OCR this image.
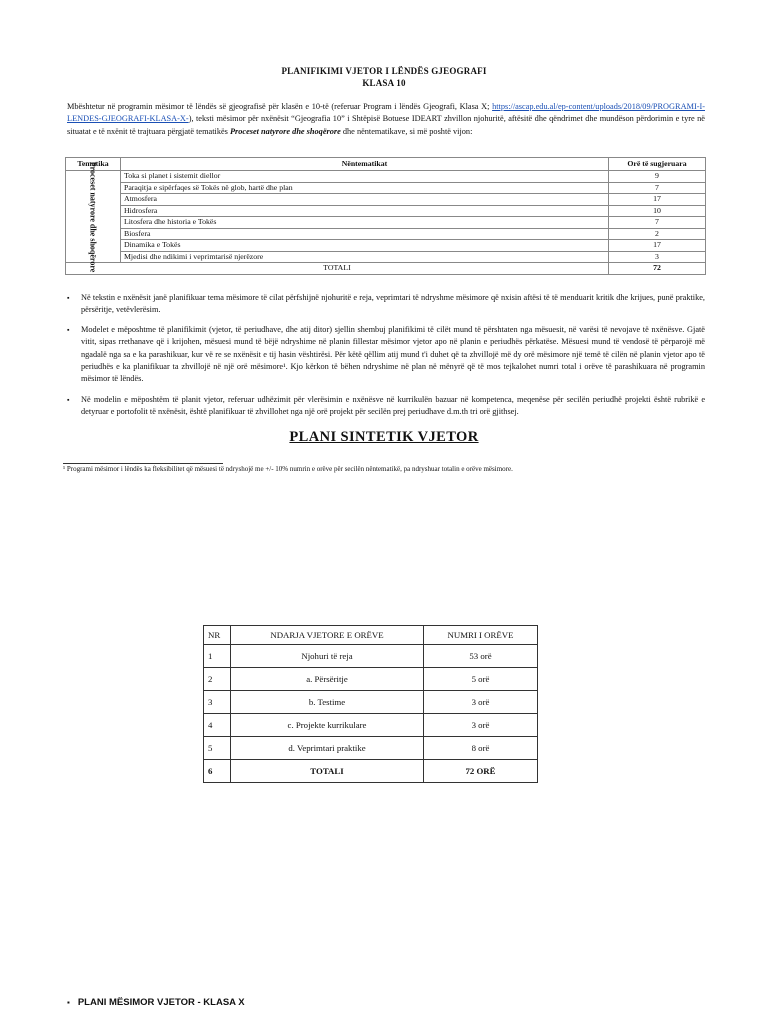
PLANIFIKIMI VJETOR I LËNDËS GJEOGRAFI
KLASA 10
Mbështetur në programin mësimor të lëndës së gjeografisë për klasën e 10-të (referuar Program i lëndës Gjeografi, Klasa X; https://ascap.edu.al/ep-content/uploads/2018/09/PROGRAMI-I-LENDES-GJEOGRAFI-KLASA-X-), teksti mësimor për nxënësit “Gjeografia 10” i Shtëpisë Botuese IDEART zhvillon njohuritë, aftësitë dhe qëndrimet dhe mundëson përdorimin e tyre në situatat e të nxënit të trajtuara përgjatë tematikës Proceset natyrore dhe shoqërore dhe nëntematikave, si më poshtë vijon:
Tematika	Nëntematikat	Orë të sugjeruara

Proceset natyrore dhe shoqërore	Toka si planet i sistemit diellor	9
	Paraqitja e sipërfaqes së Tokës në glob, hartë dhe plan	7
	Atmosfera	17
	Hidrosfera	10
	Litosfera dhe historia e Tokës	7
	Biosfera	2
	Dinamika e Tokës	17
	Mjedisi dhe ndikimi i veprimtarisë njerëzore	3
TOTALI		72
▪ Në tekstin e nxënësit janë planifikuar tema mësimore të cilat përfshijnë njohuritë e reja, veprimtari të ndryshme mësimore që nxisin aftësi të të menduarit kritik dhe krijues, punë praktike, përsëritje, vetëvlerësim.
▪ Modelet e mëposhtme të planifikimit (vjetor, të periudhave, dhe atij ditor) sjellin shembuj planifikimi të cilët mund të përshtaten nga mësuesit, në varësi të nevojave të nxënësve. Gjatë vitit, sipas rrethanave që i krijohen, mësuesi mund të bëjë ndryshime në planin fillestar mësimor vjetor apo në planin e periudhës përkatëse. Mësuesi mund të vendosë të përparojë më ngadalë nga sa e ka parashikuar, kur vë re se nxënësit e tij hasin vështirësi. Për këtë qëllim atij mund t'i duhet që ta zhvillojë më dy orë mësimore një temë të cilën në planin vjetor apo të periudhës e ka planifikuar ta zhvillojë në një orë mësimore¹. Kjo kërkon të bëhen ndryshime në plan në mënyrë që të mos tejkalohet numri total i orëve të parashikuara në programin mësimor të lëndës.
▪ Në modelin e mëposhtëm të planit vjetor, referuar udhëzimit për vlerësimin e nxënësve në kurrikulën bazuar në kompetenca, meqenëse për secilën periudhë projekti është rubrikë e detyruar e portofolit të nxënësit, është planifikuar të zhvillohet nga një orë projekt për secilën prej periudhave d.m.th tri orë gjithsej.
PLANI SINTETIK VJETOR
¹ Programi mësimor i lëndës ka fleksibilitet që mësuesi të ndryshojë me +/- 10% numrin e orëve për secilën nëntematikë, pa ndryshuar totalin e orëve mësimore.
NR	NDARJA VJETORE E ORËVE	NUMRI I ORËVE
1	Njohuri të reja	53 orë
2	a. Përsëritje	5 orë
3	b. Testime	3 orë
4	c. Projekte kurrikulare	3 orë
5	d. Veprimtari praktike	8 orë
6	TOTALI	72 ORË
▪ PLANI MËSIMOR VJETOR - KLASA X
